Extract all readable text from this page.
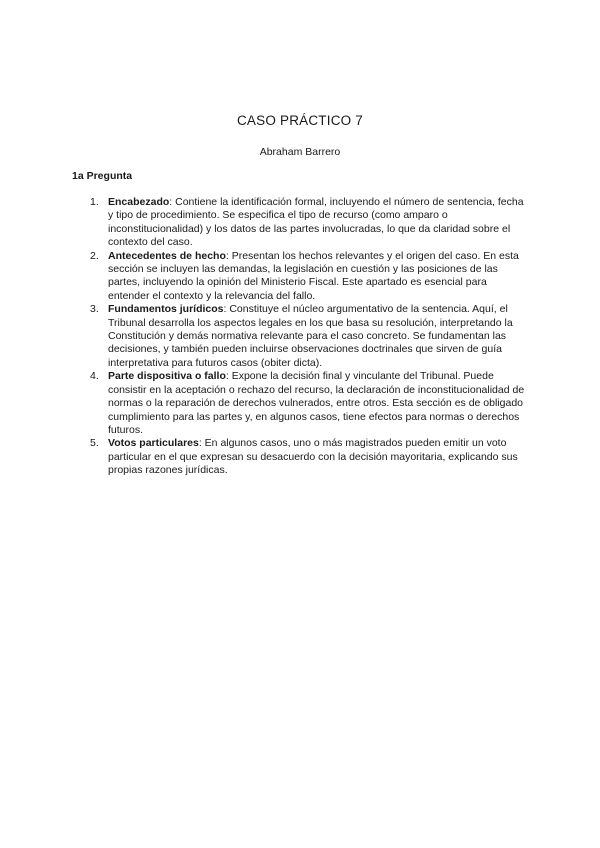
CASO PRÁCTICO 7
Abraham Barrero
1a Pregunta
1. Encabezado: Contiene la identificación formal, incluyendo el número de sentencia, fecha y tipo de procedimiento. Se especifica el tipo de recurso (como amparo o inconstitucionalidad) y los datos de las partes involucradas, lo que da claridad sobre el contexto del caso.
2. Antecedentes de hecho: Presentan los hechos relevantes y el origen del caso. En esta sección se incluyen las demandas, la legislación en cuestión y las posiciones de las partes, incluyendo la opinión del Ministerio Fiscal. Este apartado es esencial para entender el contexto y la relevancia del fallo.
3. Fundamentos jurídicos: Constituye el núcleo argumentativo de la sentencia. Aquí, el Tribunal desarrolla los aspectos legales en los que basa su resolución, interpretando la Constitución y demás normativa relevante para el caso concreto. Se fundamentan las decisiones, y también pueden incluirse observaciones doctrinales que sirven de guía interpretativa para futuros casos (obiter dicta).
4. Parte dispositiva o fallo: Expone la decisión final y vinculante del Tribunal. Puede consistir en la aceptación o rechazo del recurso, la declaración de inconstitucionalidad de normas o la reparación de derechos vulnerados, entre otros. Esta sección es de obligado cumplimiento para las partes y, en algunos casos, tiene efectos para normas o derechos futuros.
5. Votos particulares: En algunos casos, uno o más magistrados pueden emitir un voto particular en el que expresan su desacuerdo con la decisión mayoritaria, explicando sus propias razones jurídicas.
